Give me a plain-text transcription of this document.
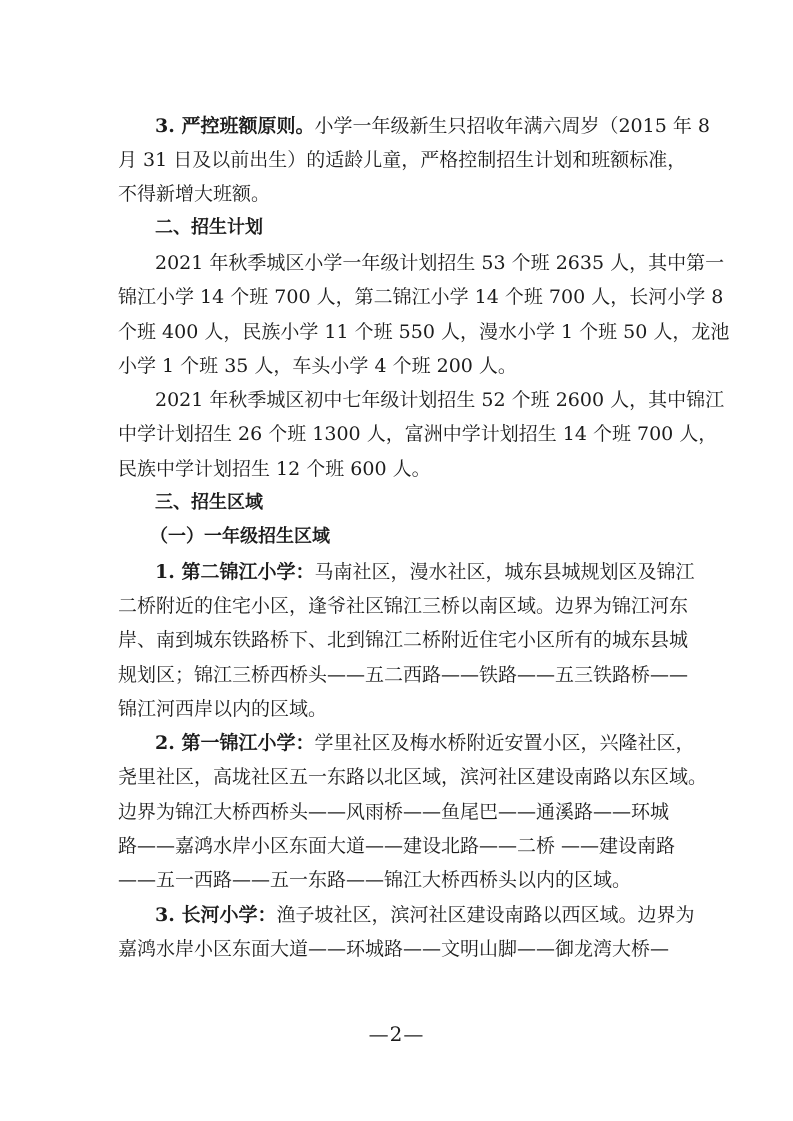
3. 严控班额原则。小学一年级新生只招收年满六周岁（2015 年 8
月 31 日及以前出生）的适龄儿童，严格控制招生计划和班额标准，
不得新增大班额。
二、招生计划
2021 年秋季城区小学一年级计划招生 53 个班 2635 人，其中第一
锦江小学 14 个班 700 人，第二锦江小学 14 个班 700 人，长河小学 8
个班 400 人，民族小学 11 个班 550 人，漫水小学 1 个班 50 人，龙池
小学 1 个班 35 人，车头小学 4 个班 200 人。
2021 年秋季城区初中七年级计划招生 52 个班 2600 人，其中锦江
中学计划招生 26 个班 1300 人，富洲中学计划招生 14 个班 700 人，
民族中学计划招生 12 个班 600 人。
三、招生区域
（一）一年级招生区域
1. 第二锦江小学：马南社区，漫水社区，城东县城规划区及锦江
二桥附近的住宅小区，逢爷社区锦江三桥以南区域。边界为锦江河东
岸、南到城东铁路桥下、北到锦江二桥附近住宅小区所有的城东县城
规划区；锦江三桥西桥头——五二西路——铁路——五三铁路桥——
锦江河西岸以内的区域。
2. 第一锦江小学：学里社区及梅水桥附近安置小区，兴隆社区，
尧里社区，高垅社区五一东路以北区域，滨河社区建设南路以东区域。
边界为锦江大桥西桥头——风雨桥——鱼尾巴——通溪路——环城
路——嘉鸿水岸小区东面大道——建设北路——二桥 ——建设南路
——五一西路——五一东路——锦江大桥西桥头以内的区域。
3. 长河小学：渔子坡社区，滨河社区建设南路以西区域。边界为
嘉鸿水岸小区东面大道——环城路——文明山脚——御龙湾大桥—
—2—
